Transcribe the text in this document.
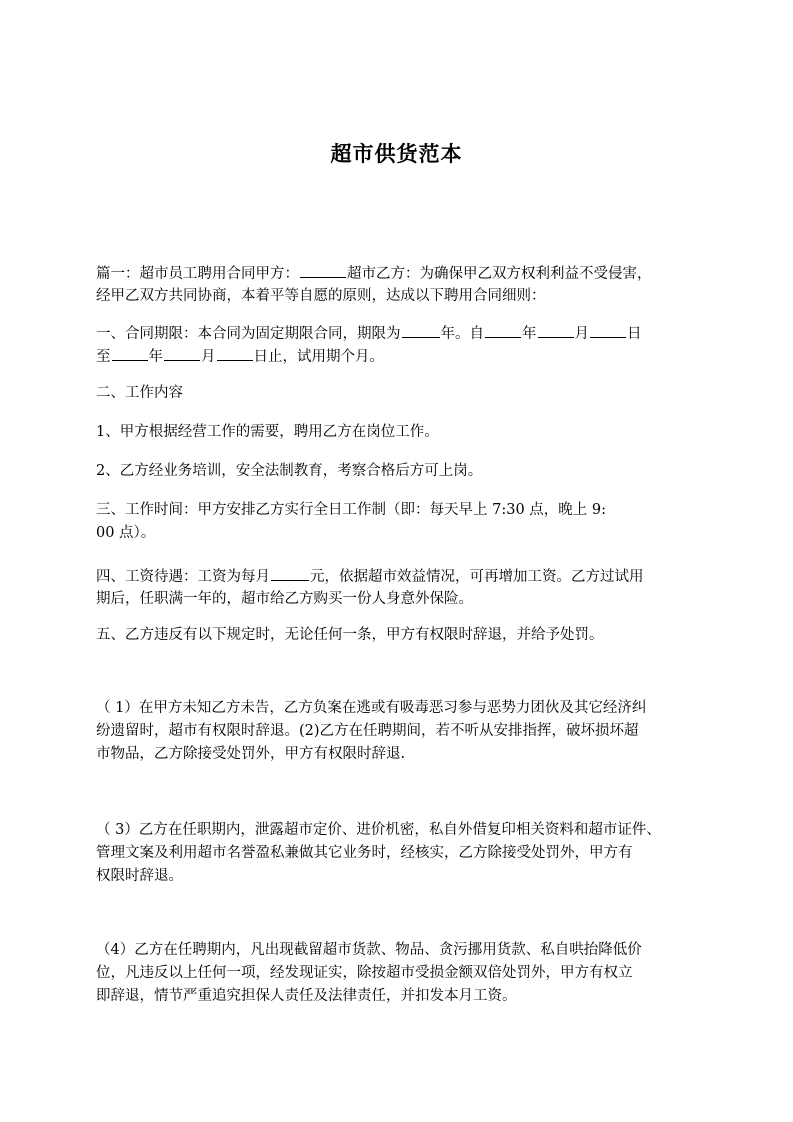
超市供货范本

篇一：超市员工聘用合同甲方：	超市乙方：为确保甲乙双方权利利益不受侵害，
经甲乙双方共同协商，本着平等自愿的原则，达成以下聘用合同细则：

一、合同期限：本合同为固定期限合同，期限为	年。自	年	月	日
至	年	月	日止，试用期个月。

二、工作内容

1、甲方根据经营工作的需要，聘用乙方在岗位工作。

2、乙方经业务培训，安全法制教育，考察合格后方可上岗。

三、工作时间：甲方安排乙方实行全日工作制（即：每天早上 7:30 点，晚上 9:
00 点）。

四、工资待遇：工资为每月	元，依据超市效益情况，可再增加工资。乙方过试用
期后，任职满一年的，超市给乙方购买一份人身意外保险。

五、乙方违反有以下规定时，无论任何一条，甲方有权限时辞退，并给予处罚。

（ 1）在甲方未知乙方未告，乙方负案在逃或有吸毒恶习参与恶势力团伙及其它经济纠
纷遗留时，超市有权限时辞退。(2)乙方在任聘期间，若不听从安排指挥，破坏损坏超
市物品，乙方除接受处罚外，甲方有权限时辞退.

（ 3）乙方在任职期内，泄露超市定价、进价机密，私自外借复印相关资料和超市证件、
管理文案及利用超市名誉盈私兼做其它业务时，经核实，乙方除接受处罚外，甲方有
权限时辞退。

（4）乙方在任聘期内，凡出现截留超市货款、物品、贪污挪用货款、私自哄抬降低价
位，凡违反以上任何一项，经发现证实，除按超市受损金额双倍处罚外，甲方有权立
即辞退，情节严重追究担保人责任及法律责任，并扣发本月工资。
